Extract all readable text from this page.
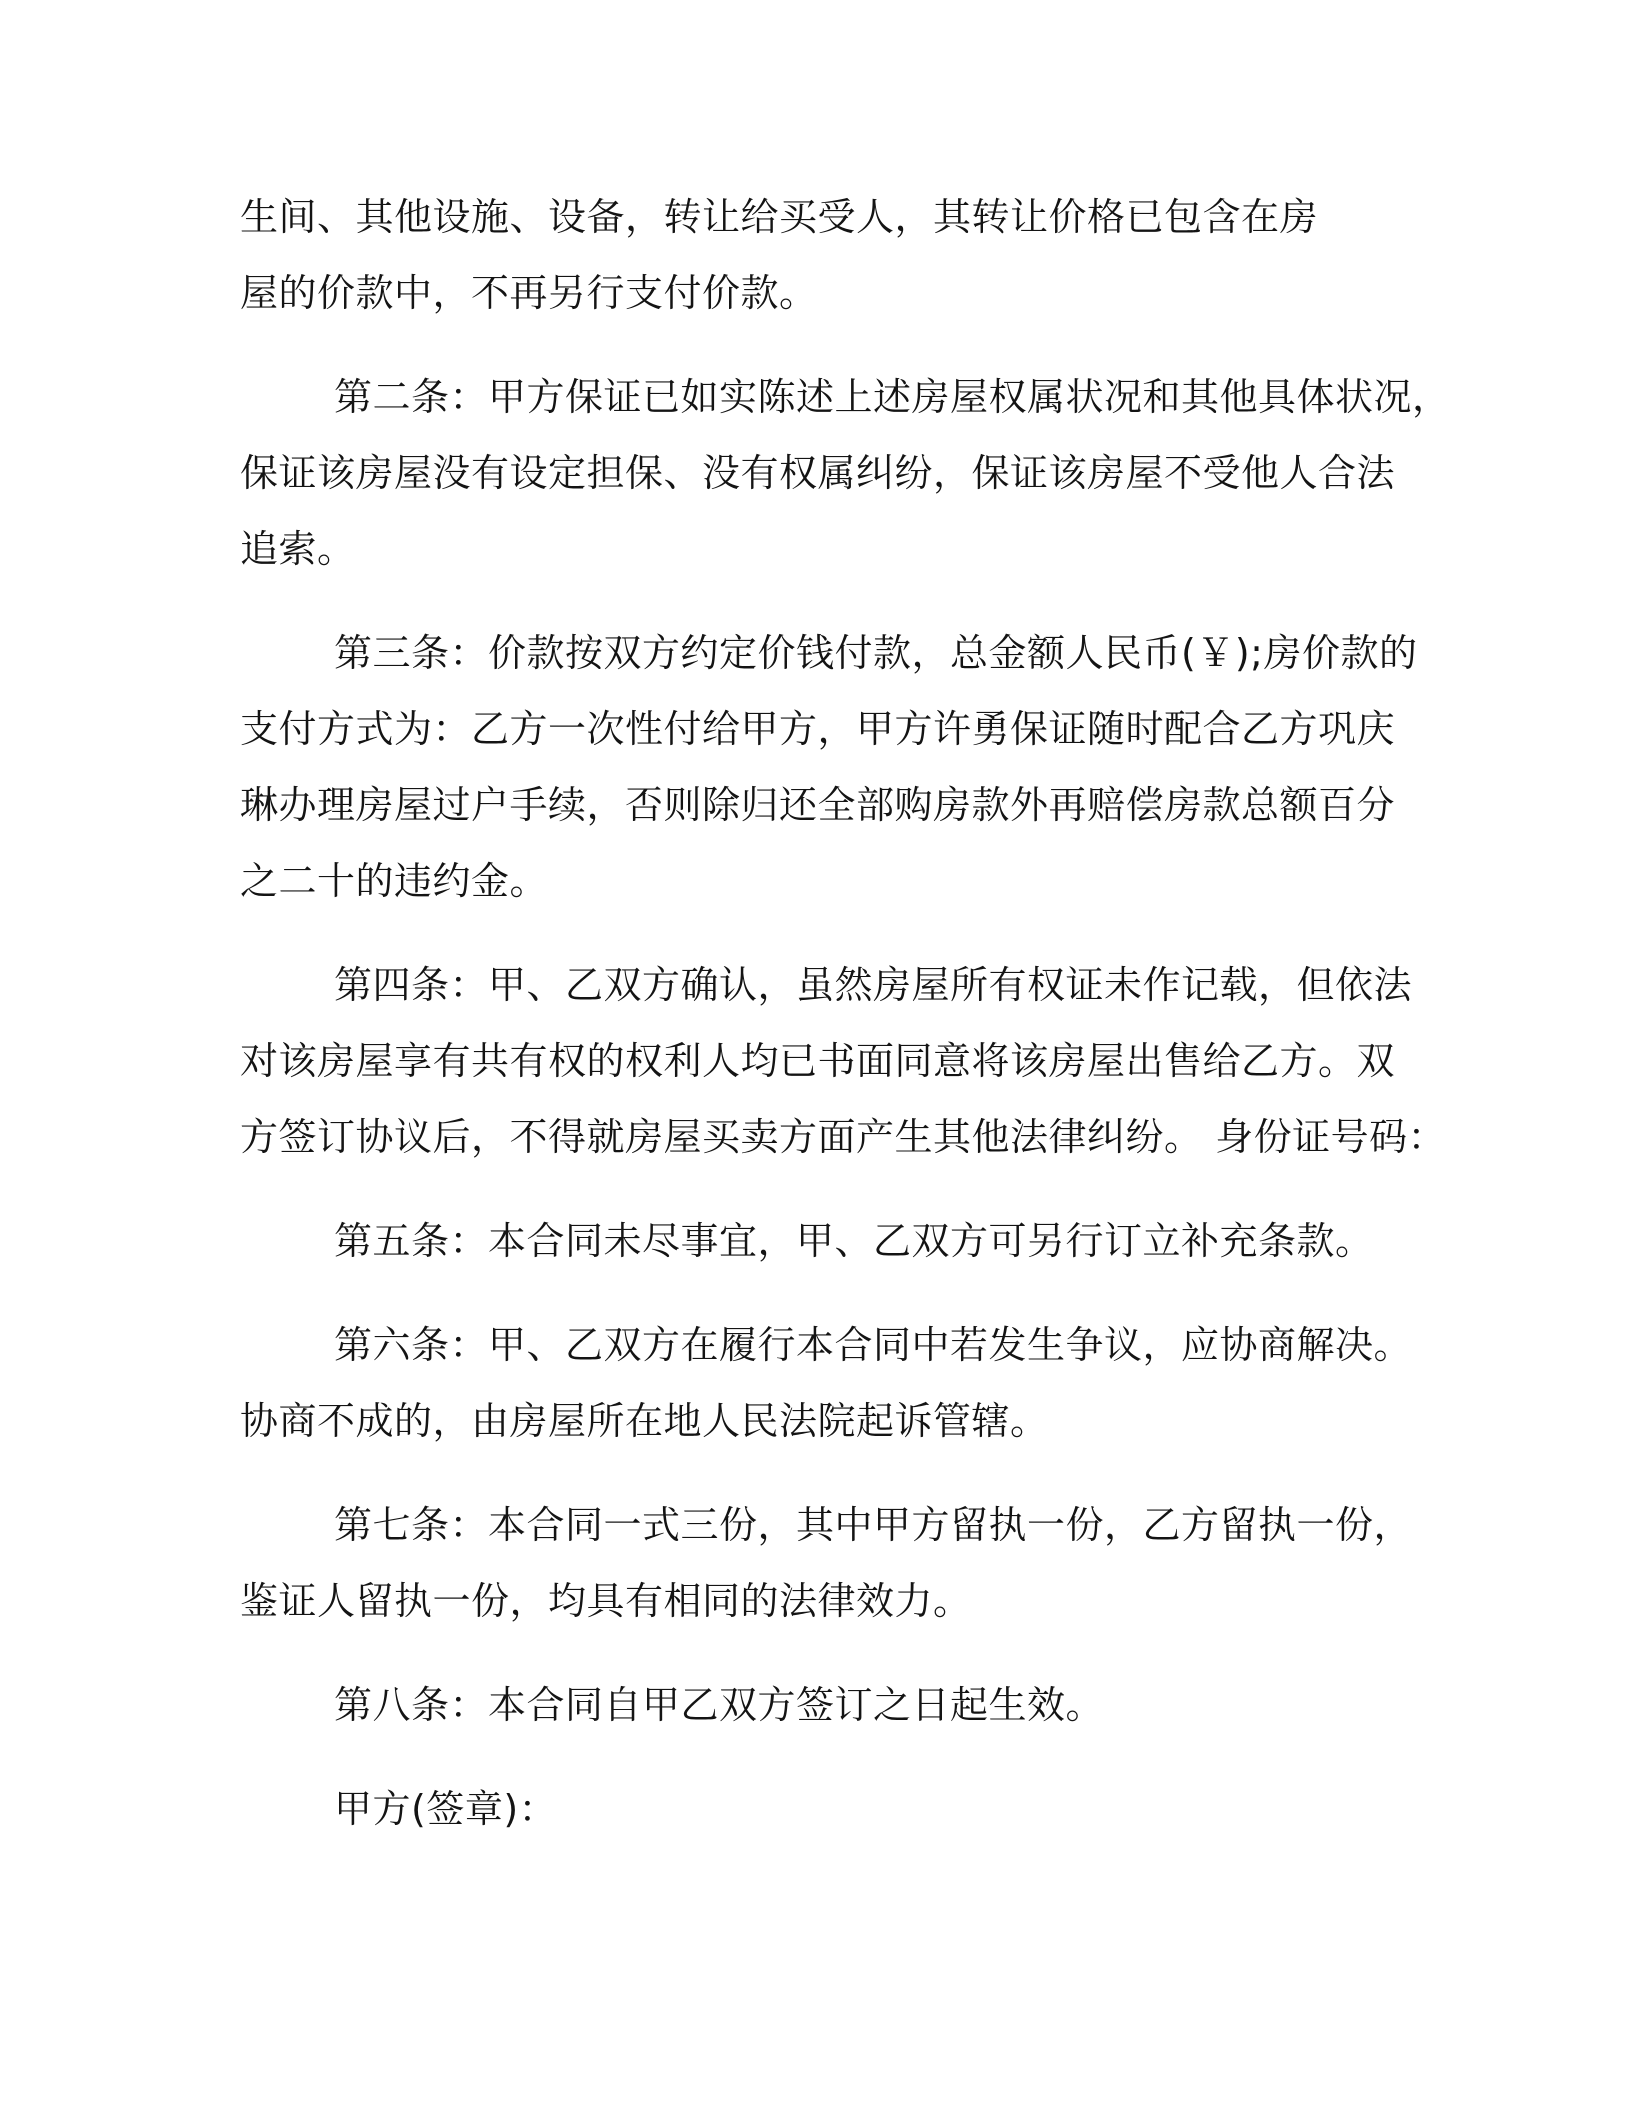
生间、其他设施、设备，转让给买受人，其转让价格已包含在房

屋的价款中，不再另行支付价款。

第二条：甲方保证已如实陈述上述房屋权属状况和其他具体状况，

保证该房屋没有设定担保、没有权属纠纷，保证该房屋不受他人合法

追索。

第三条：价款按双方约定价钱付款，总金额人民币(￥);房价款的

支付方式为：乙方一次性付给甲方，甲方许勇保证随时配合乙方巩庆

琳办理房屋过户手续，否则除归还全部购房款外再赔偿房款总额百分

之二十的违约金。

第四条：甲、乙双方确认，虽然房屋所有权证未作记载，但依法

对该房屋享有共有权的权利人均已书面同意将该房屋出售给乙方。双

方签订协议后，不得就房屋买卖方面产生其他法律纠纷。 身份证号码：

第五条：本合同未尽事宜，甲、乙双方可另行订立补充条款。

第六条：甲、乙双方在履行本合同中若发生争议，应协商解决。

协商不成的，由房屋所在地人民法院起诉管辖。

第七条：本合同一式三份，其中甲方留执一份，乙方留执一份，

鉴证人留执一份，均具有相同的法律效力。

第八条：本合同自甲乙双方签订之日起生效。

甲方(签章)：
